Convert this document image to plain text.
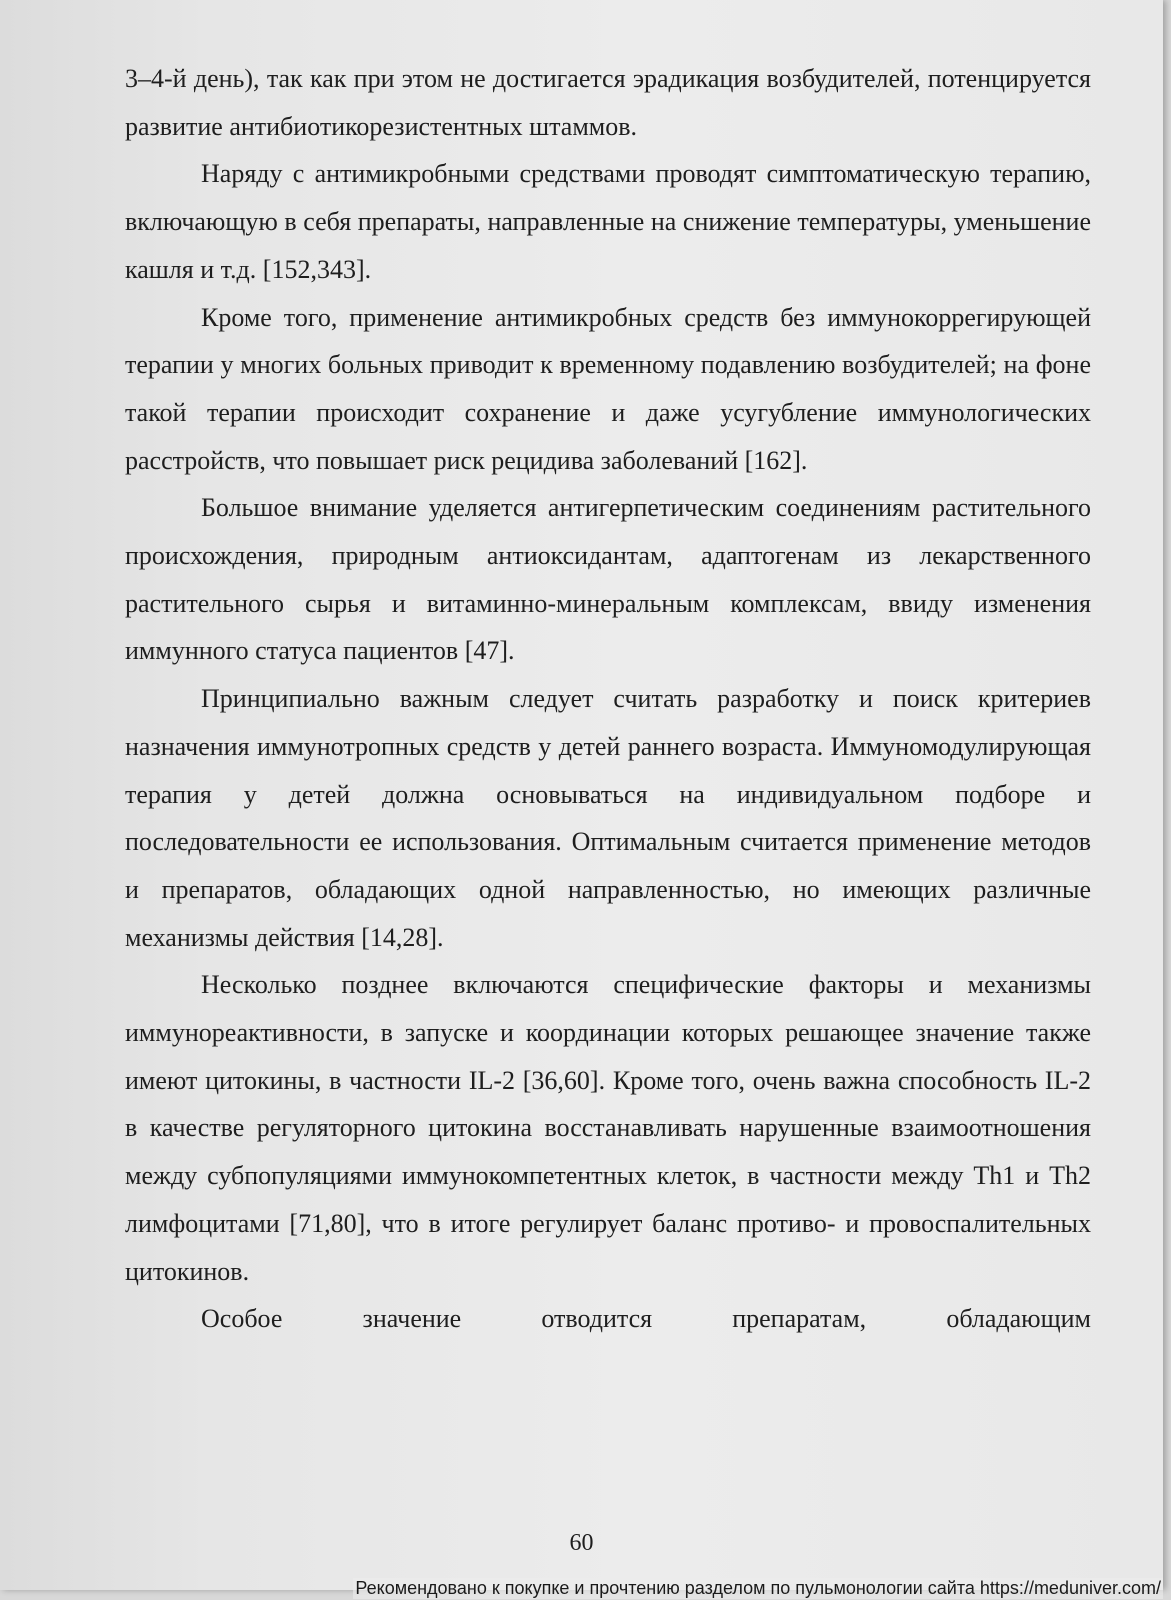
3–4-й день), так как при этом не достигается эрадикация возбудителей, потенцируется развитие антибиотикорезистентных штаммов.

Наряду с антимикробными средствами проводят симптоматическую терапию, включающую в себя препараты, направленные на снижение температуры, уменьшение кашля и т.д. [152,343].

Кроме того, применение антимикробных средств без иммунокоррегирующей терапии у многих больных приводит к временному подавлению возбудителей; на фоне такой терапии происходит сохранение и даже усугубление иммунологических расстройств, что повышает риск рецидива заболеваний [162].

Большое внимание уделяется антигерпетическим соединениям растительного происхождения, природным антиоксидантам, адаптогенам из лекарственного растительного сырья и витаминно-минеральным комплексам, ввиду изменения иммунного статуса пациентов [47].

Принципиально важным следует считать разработку и поиск критериев назначения иммунотропных средств у детей раннего возраста. Иммуномодулирующая терапия у детей должна основываться на индивидуальном подборе и последовательности ее использования. Оптимальным считается применение методов и препаратов, обладающих одной направленностью, но имеющих различные механизмы действия [14,28].

Несколько позднее включаются специфические факторы и механизмы иммунореактивности, в запуске и координации которых решающее значение также имеют цитокины, в частности IL-2 [36,60]. Кроме того, очень важна способность IL-2 в качестве регуляторного цитокина восстанавливать нарушенные взаимоотношения между субпопуляциями иммунокомпетентных клеток, в частности между Th1 и Th2 лимфоцитами [71,80], что в итоге регулирует баланс противо- и провоспалительных цитокинов.

Особое значение отводится препаратам, обладающим

60
Рекомендовано к покупке и прочтению разделом по пульмонологии сайта https://meduniver.com/
